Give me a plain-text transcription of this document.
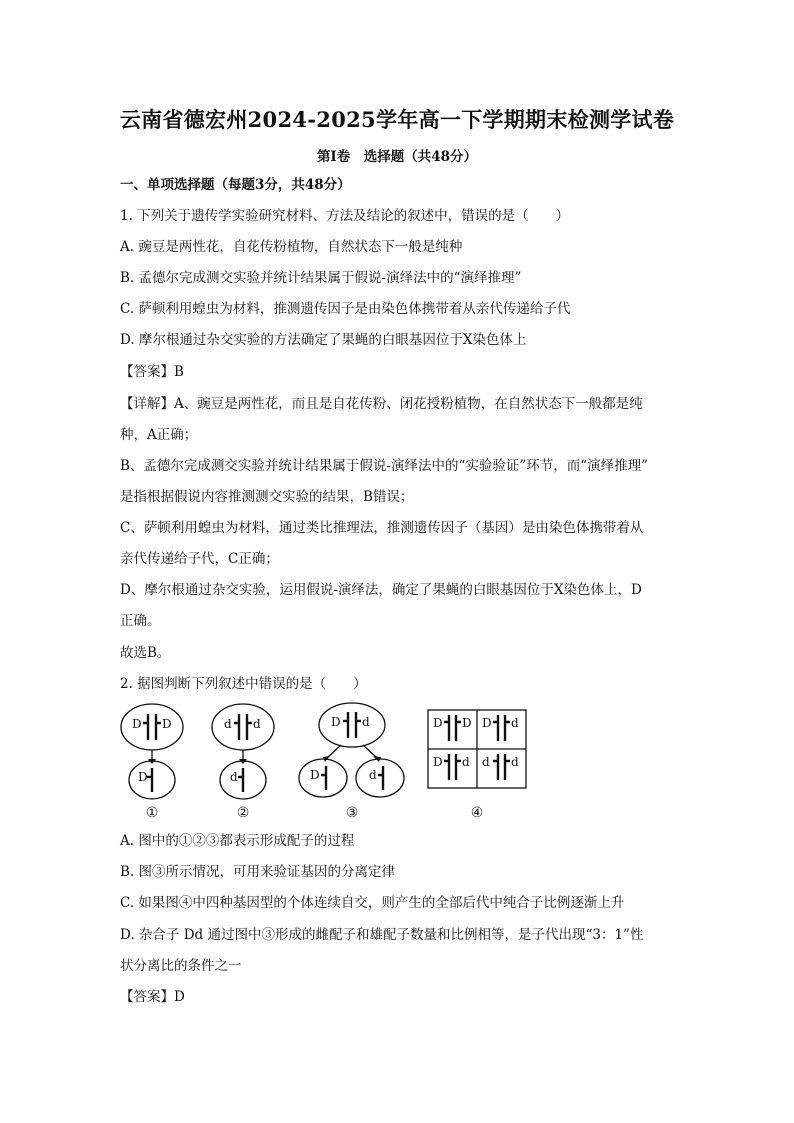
云南省德宏州2024-2025学年高一下学期期末检测学试卷
第Ⅰ卷　选择题（共48分）
一、单项选择题（每题3分，共48分）
1. 下列关于遗传学实验研究材料、方法及结论的叙述中，错误的是（　　）
A. 豌豆是两性花，自花传粉植物，自然状态下一般是纯种
B. 孟德尔完成测交实验并统计结果属于假说-演绎法中的“演绎推理”
C. 萨顿利用蝗虫为材料，推测遗传因子是由染色体携带着从亲代传递给子代
D. 摩尔根通过杂交实验的方法确定了果蝇的白眼基因位于X染色体上
【答案】B
【详解】A、豌豆是两性花，而且是自花传粉、闭花授粉植物，在自然状态下一般都是纯
种，A正确；
B、孟德尔完成测交实验并统计结果属于假说-演绎法中的“实验验证”环节，而“演绎推理”
是指根据假说内容推测测交实验的结果，B错误；
C、萨顿利用蝗虫为材料，通过类比推理法，推测遗传因子（基因）是由染色体携带着从
亲代传递给子代，C正确；
D、摩尔根通过杂交实验，运用假说-演绎法，确定了果蝇的白眼基因位于X染色体上，D
正确。
故选B。
2. 据图判断下列叙述中错误的是（　　）
D D
D
d d
d
D d
D	d
D D D d
D d d d
①	②	③	④
A. 图中的①②③都表示形成配子的过程
B. 图③所示情况，可用来验证基因的分离定律
C. 如果图④中四种基因型的个体连续自交，则产生的全部后代中纯合子比例逐渐上升
D. 杂合子 Dd 通过图中③形成的雌配子和雄配子数量和比例相等，是子代出现“3：1”性
状分离比的条件之一
【答案】D
